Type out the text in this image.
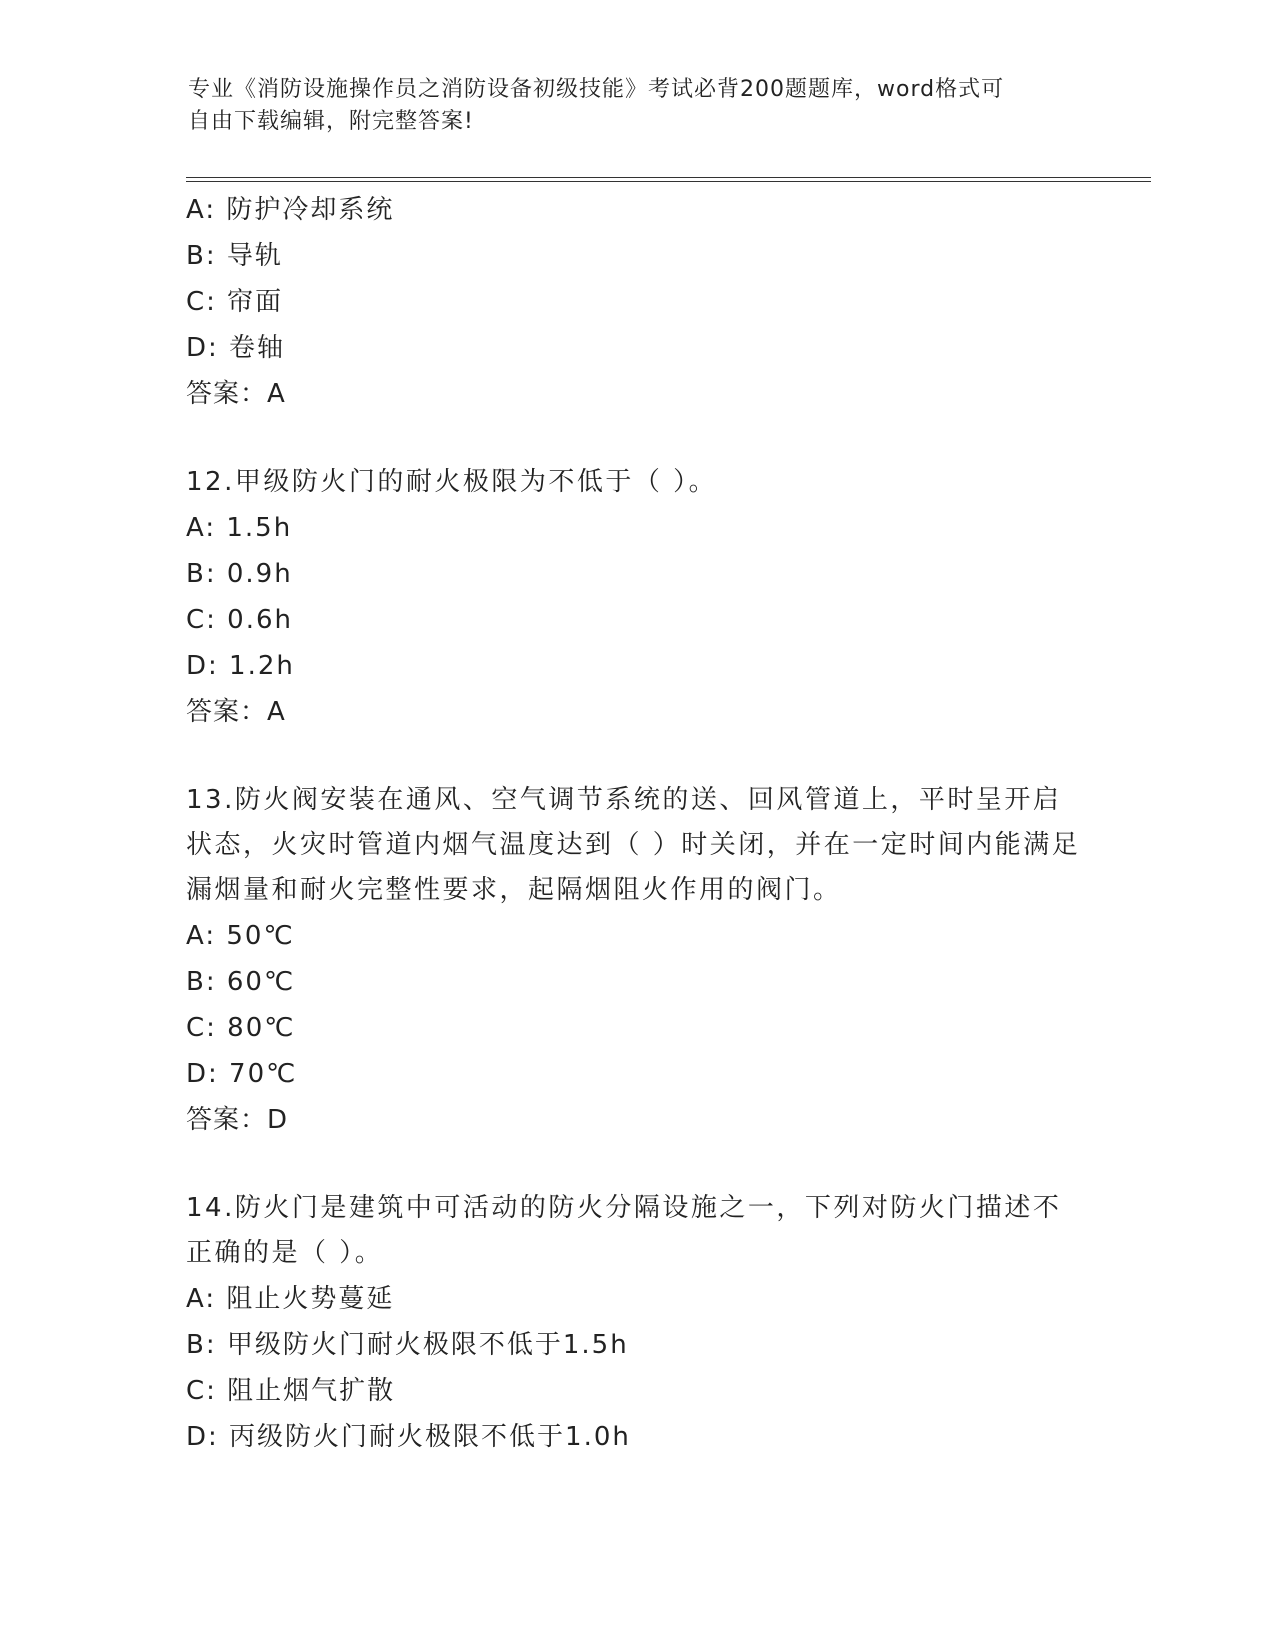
专业《消防设施操作员之消防设备初级技能》考试必背200题题库，word格式可
自由下载编辑，附完整答案!
A: 防护冷却系统
B: 导轨
C: 帘面
D: 卷轴
答案：A
12.甲级防火门的耐火极限为不低于（ ）。
A: 1.5h
B: 0.9h
C: 0.6h
D: 1.2h
答案：A
13.防火阀安装在通风、空气调节系统的送、回风管道上，平时呈开启状态，火灾时管道内烟气温度达到（ ）时关闭，并在一定时间内能满足漏烟量和耐火完整性要求，起隔烟阻火作用的阀门。
A: 50℃
B: 60℃
C: 80℃
D: 70℃
答案：D
14.防火门是建筑中可活动的防火分隔设施之一，下列对防火门描述不正确的是（ ）。
A: 阻止火势蔓延
B: 甲级防火门耐火极限不低于1.5h
C: 阻止烟气扩散
D: 丙级防火门耐火极限不低于1.0h
